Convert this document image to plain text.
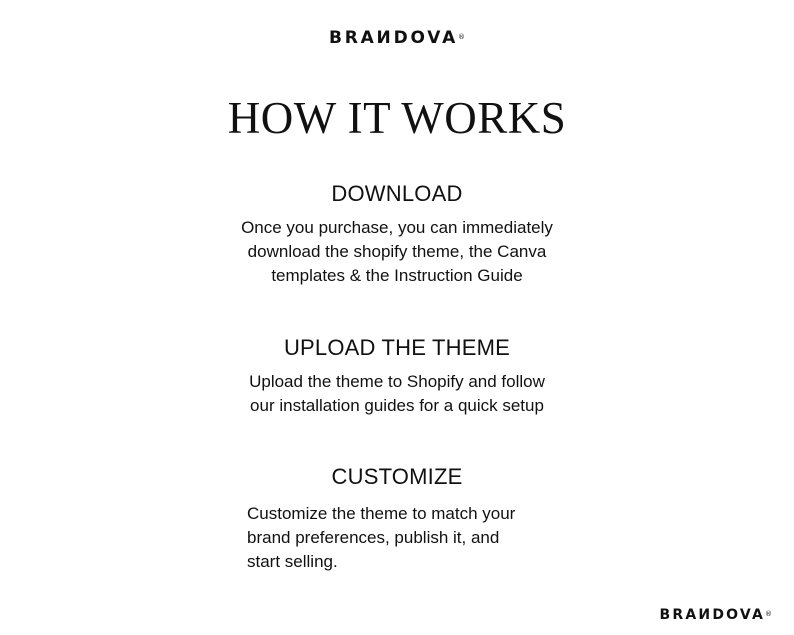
BRAИDOVA®
HOW IT WORKS
DOWNLOAD

Once you purchase, you can immediately
download the shopify theme, the Canva
templates & the Instruction Guide

UPLOAD THE THEME

Upload the theme to Shopify and follow
our installation guides for a quick setup

CUSTOMIZE

Customize the theme to match your
brand preferences, publish it, and
start selling.

BRAИDOVA®
